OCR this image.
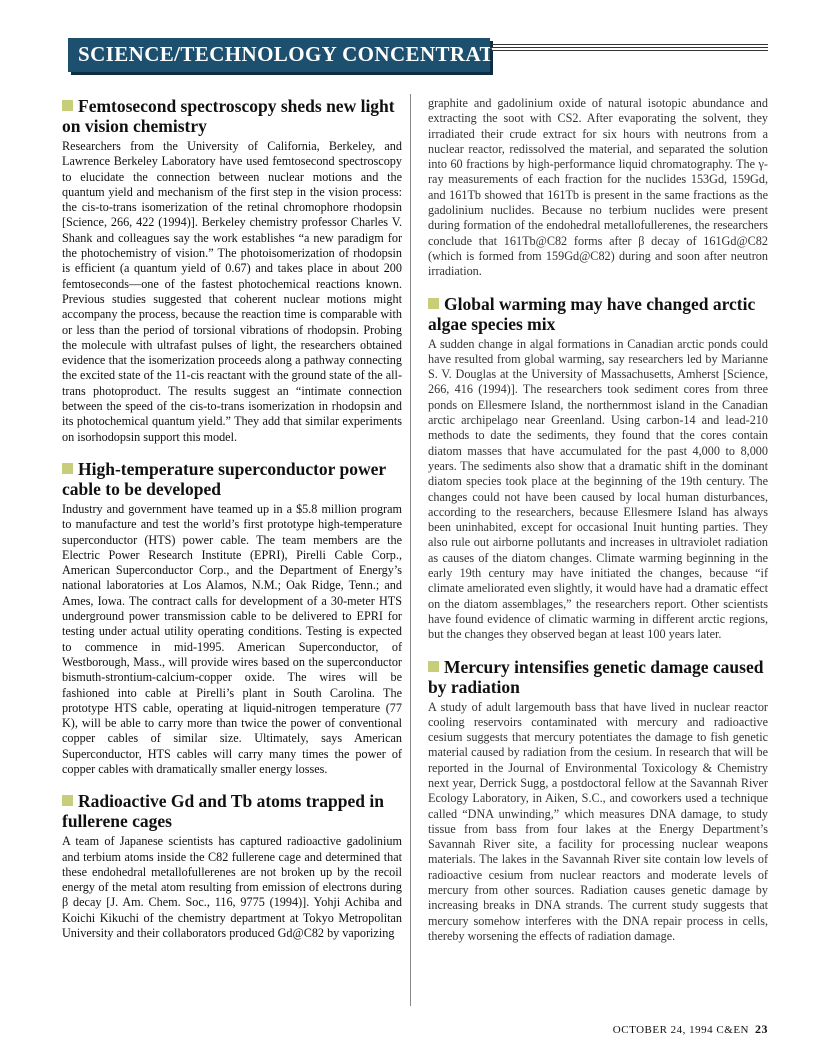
SCIENCE/TECHNOLOGY CONCENTRATES
Femtosecond spectroscopy sheds new light on vision chemistry
Researchers from the University of California, Berkeley, and Lawrence Berkeley Laboratory have used femtosecond spectroscopy to elucidate the connection between nuclear motions and the quantum yield and mechanism of the first step in the vision process: the cis-to-trans isomerization of the retinal chromophore rhodopsin [Science, 266, 422 (1994)]. Berkeley chemistry professor Charles V. Shank and colleagues say the work establishes “a new paradigm for the photochemistry of vision.” The photoisomerization of rhodopsin is efficient (a quantum yield of 0.67) and takes place in about 200 femtoseconds—one of the fastest photochemical reactions known. Previous studies suggested that coherent nuclear motions might accompany the process, because the reaction time is comparable with or less than the period of torsional vibrations of rhodopsin. Probing the molecule with ultrafast pulses of light, the researchers obtained evidence that the isomerization proceeds along a pathway connecting the excited state of the 11-cis reactant with the ground state of the all-trans photoproduct. The results suggest an “intimate connection between the speed of the cis-to-trans isomerization in rhodopsin and its photochemical quantum yield.” They add that similar experiments on isorhodopsin support this model.
High-temperature superconductor power cable to be developed
Industry and government have teamed up in a $5.8 million program to manufacture and test the world’s first prototype high-temperature superconductor (HTS) power cable. The team members are the Electric Power Research Institute (EPRI), Pirelli Cable Corp., American Superconductor Corp., and the Department of Energy’s national laboratories at Los Alamos, N.M.; Oak Ridge, Tenn.; and Ames, Iowa. The contract calls for development of a 30-meter HTS underground power transmission cable to be delivered to EPRI for testing under actual utility operating conditions. Testing is expected to commence in mid-1995. American Superconductor, of Westborough, Mass., will provide wires based on the superconductor bismuth-strontium-calcium-copper oxide. The wires will be fashioned into cable at Pirelli’s plant in South Carolina. The prototype HTS cable, operating at liquid-nitrogen temperature (77 K), will be able to carry more than twice the power of conventional copper cables of similar size. Ultimately, says American Superconductor, HTS cables will carry many times the power of copper cables with dramatically smaller energy losses.
Radioactive Gd and Tb atoms trapped in fullerene cages
A team of Japanese scientists has captured radioactive gadolinium and terbium atoms inside the C82 fullerene cage and determined that these endohedral metallofullerenes are not broken up by the recoil energy of the metal atom resulting from emission of electrons during β decay [J. Am. Chem. Soc., 116, 9775 (1994)]. Yohji Achiba and Koichi Kikuchi of the chemistry department at Tokyo Metropolitan University and their collaborators produced Gd@C82 by vaporizing
graphite and gadolinium oxide of natural isotopic abundance and extracting the soot with CS2. After evaporating the solvent, they irradiated their crude extract for six hours with neutrons from a nuclear reactor, redissolved the material, and separated the solution into 60 fractions by high-performance liquid chromatography. The γ-ray measurements of each fraction for the nuclides 153Gd, 159Gd, and 161Tb showed that 161Tb is present in the same fractions as the gadolinium nuclides. Because no terbium nuclides were present during formation of the endohedral metallofullerenes, the researchers conclude that 161Tb@C82 forms after β decay of 161Gd@C82 (which is formed from 159Gd@C82) during and soon after neutron irradiation.
Global warming may have changed arctic algae species mix
A sudden change in algal formations in Canadian arctic ponds could have resulted from global warming, say researchers led by Marianne S. V. Douglas at the University of Massachusetts, Amherst [Science, 266, 416 (1994)]. The researchers took sediment cores from three ponds on Ellesmere Island, the northernmost island in the Canadian arctic archipelago near Greenland. Using carbon-14 and lead-210 methods to date the sediments, they found that the cores contain diatom masses that have accumulated for the past 4,000 to 8,000 years. The sediments also show that a dramatic shift in the dominant diatom species took place at the beginning of the 19th century. The changes could not have been caused by local human disturbances, according to the researchers, because Ellesmere Island has always been uninhabited, except for occasional Inuit hunting parties. They also rule out airborne pollutants and increases in ultraviolet radiation as causes of the diatom changes. Climate warming beginning in the early 19th century may have initiated the changes, because “if climate ameliorated even slightly, it would have had a dramatic effect on the diatom assemblages,” the researchers report. Other scientists have found evidence of climatic warming in different arctic regions, but the changes they observed began at least 100 years later.
Mercury intensifies genetic damage caused by radiation
A study of adult largemouth bass that have lived in nuclear reactor cooling reservoirs contaminated with mercury and radioactive cesium suggests that mercury potentiates the damage to fish genetic material caused by radiation from the cesium. In research that will be reported in the Journal of Environmental Toxicology & Chemistry next year, Derrick Sugg, a postdoctoral fellow at the Savannah River Ecology Laboratory, in Aiken, S.C., and coworkers used a technique called “DNA unwinding,” which measures DNA damage, to study tissue from bass from four lakes at the Energy Department’s Savannah River site, a facility for processing nuclear weapons materials. The lakes in the Savannah River site contain low levels of radioactive cesium from nuclear reactors and moderate levels of mercury from other sources. Radiation causes genetic damage by increasing breaks in DNA strands. The current study suggests that mercury somehow interferes with the DNA repair process in cells, thereby worsening the effects of radiation damage.
OCTOBER 24, 1994 C&EN 23
